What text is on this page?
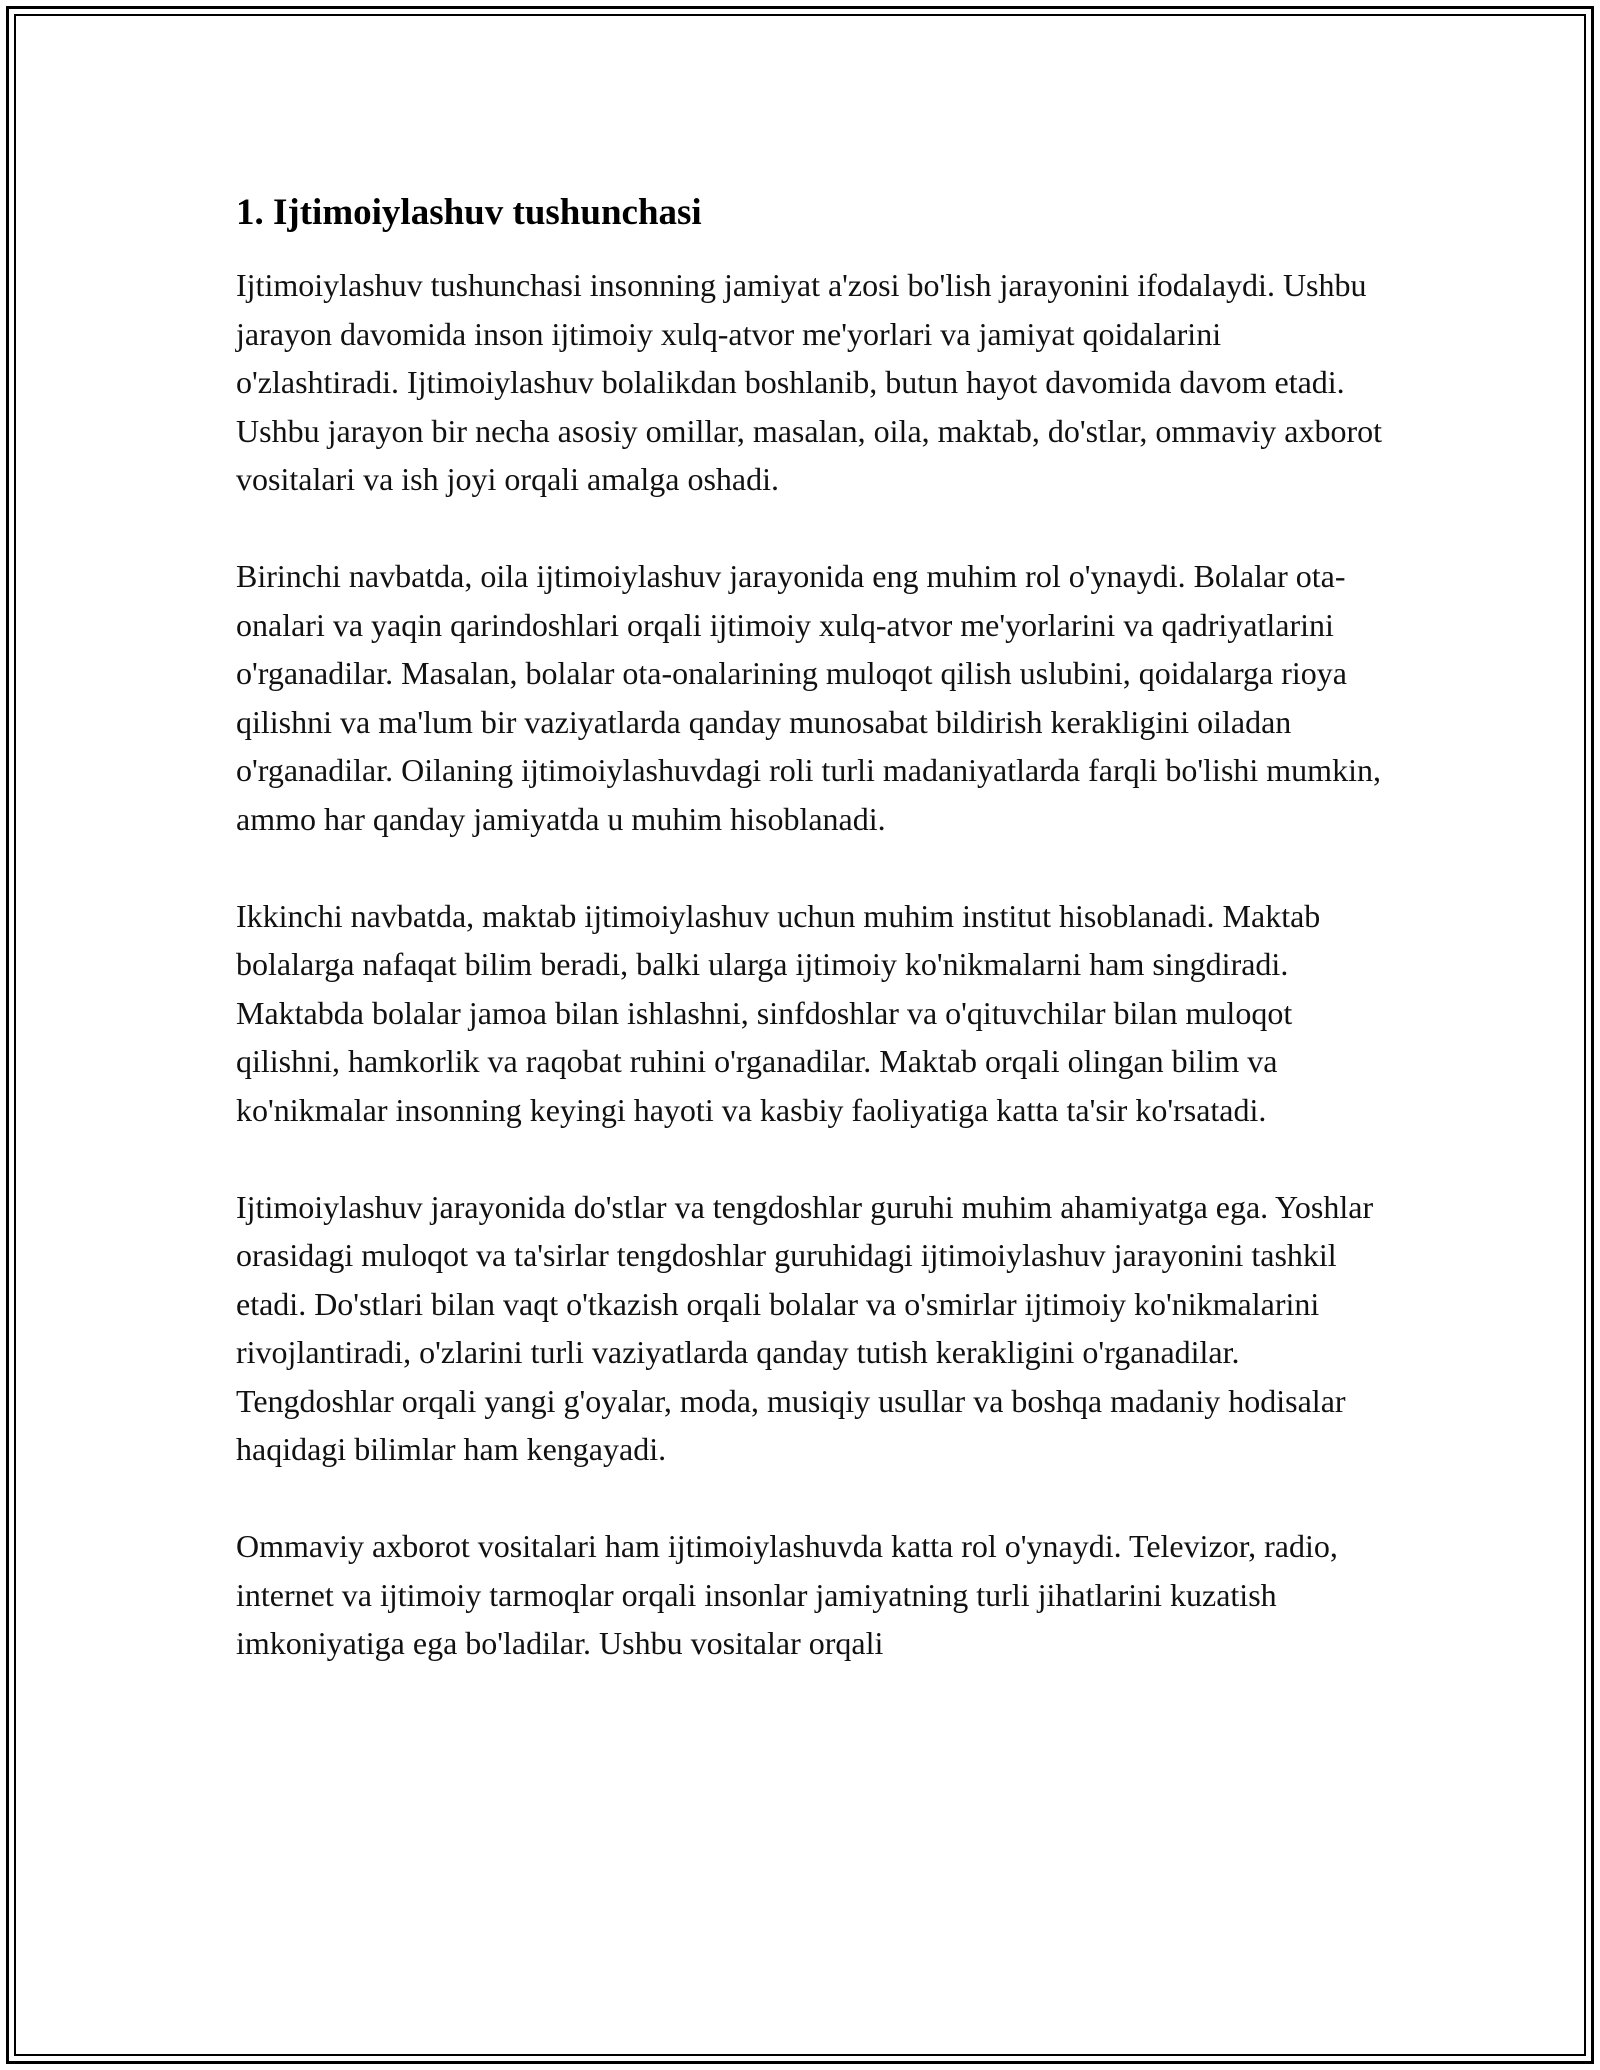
1. Ijtimoiylashuv tushunchasi

Ijtimoiylashuv tushunchasi insonning jamiyat a'zosi bo'lish jarayonini ifodalaydi. Ushbu jarayon davomida inson ijtimoiy xulq-atvor me'yorlari va jamiyat qoidalarini o'zlashtiradi. Ijtimoiylashuv bolalikdan boshlanib, butun hayot davomida davom etadi. Ushbu jarayon bir necha asosiy omillar, masalan, oila, maktab, do'stlar, ommaviy axborot vositalari va ish joyi orqali amalga oshadi.

Birinchi navbatda, oila ijtimoiylashuv jarayonida eng muhim rol o'ynaydi. Bolalar ota-onalari va yaqin qarindoshlari orqali ijtimoiy xulq-atvor me'yorlarini va qadriyatlarini o'rganadilar. Masalan, bolalar ota-onalarining muloqot qilish uslubini, qoidalarga rioya qilishni va ma'lum bir vaziyatlarda qanday munosabat bildirish kerakligini oiladan o'rganadilar. Oilaning ijtimoiylashuvdagi roli turli madaniyatlarda farqli bo'lishi mumkin, ammo har qanday jamiyatda u muhim hisoblanadi.

Ikkinchi navbatda, maktab ijtimoiylashuv uchun muhim institut hisoblanadi. Maktab bolalarga nafaqat bilim beradi, balki ularga ijtimoiy ko'nikmalarni ham singdiradi. Maktabda bolalar jamoa bilan ishlashni, sinfdoshlar va o'qituvchilar bilan muloqot qilishni, hamkorlik va raqobat ruhini o'rganadilar. Maktab orqali olingan bilim va ko'nikmalar insonning keyingi hayoti va kasbiy faoliyatiga katta ta'sir ko'rsatadi.

Ijtimoiylashuv jarayonida do'stlar va tengdoshlar guruhi muhim ahamiyatga ega. Yoshlar orasidagi muloqot va ta'sirlar tengdoshlar guruhidagi ijtimoiylashuv jarayonini tashkil etadi. Do'stlari bilan vaqt o'tkazish orqali bolalar va o'smirlar ijtimoiy ko'nikmalarini rivojlantiradi, o'zlarini turli vaziyatlarda qanday tutish kerakligini o'rganadilar. Tengdoshlar orqali yangi g'oyalar, moda, musiqiy usullar va boshqa madaniy hodisalar haqidagi bilimlar ham kengayadi.

Ommaviy axborot vositalari ham ijtimoiylashuvda katta rol o'ynaydi. Televizor, radio, internet va ijtimoiy tarmoqlar orqali insonlar jamiyatning turli jihatlarini kuzatish imkoniyatiga ega bo'ladilar. Ushbu vositalar orqali
